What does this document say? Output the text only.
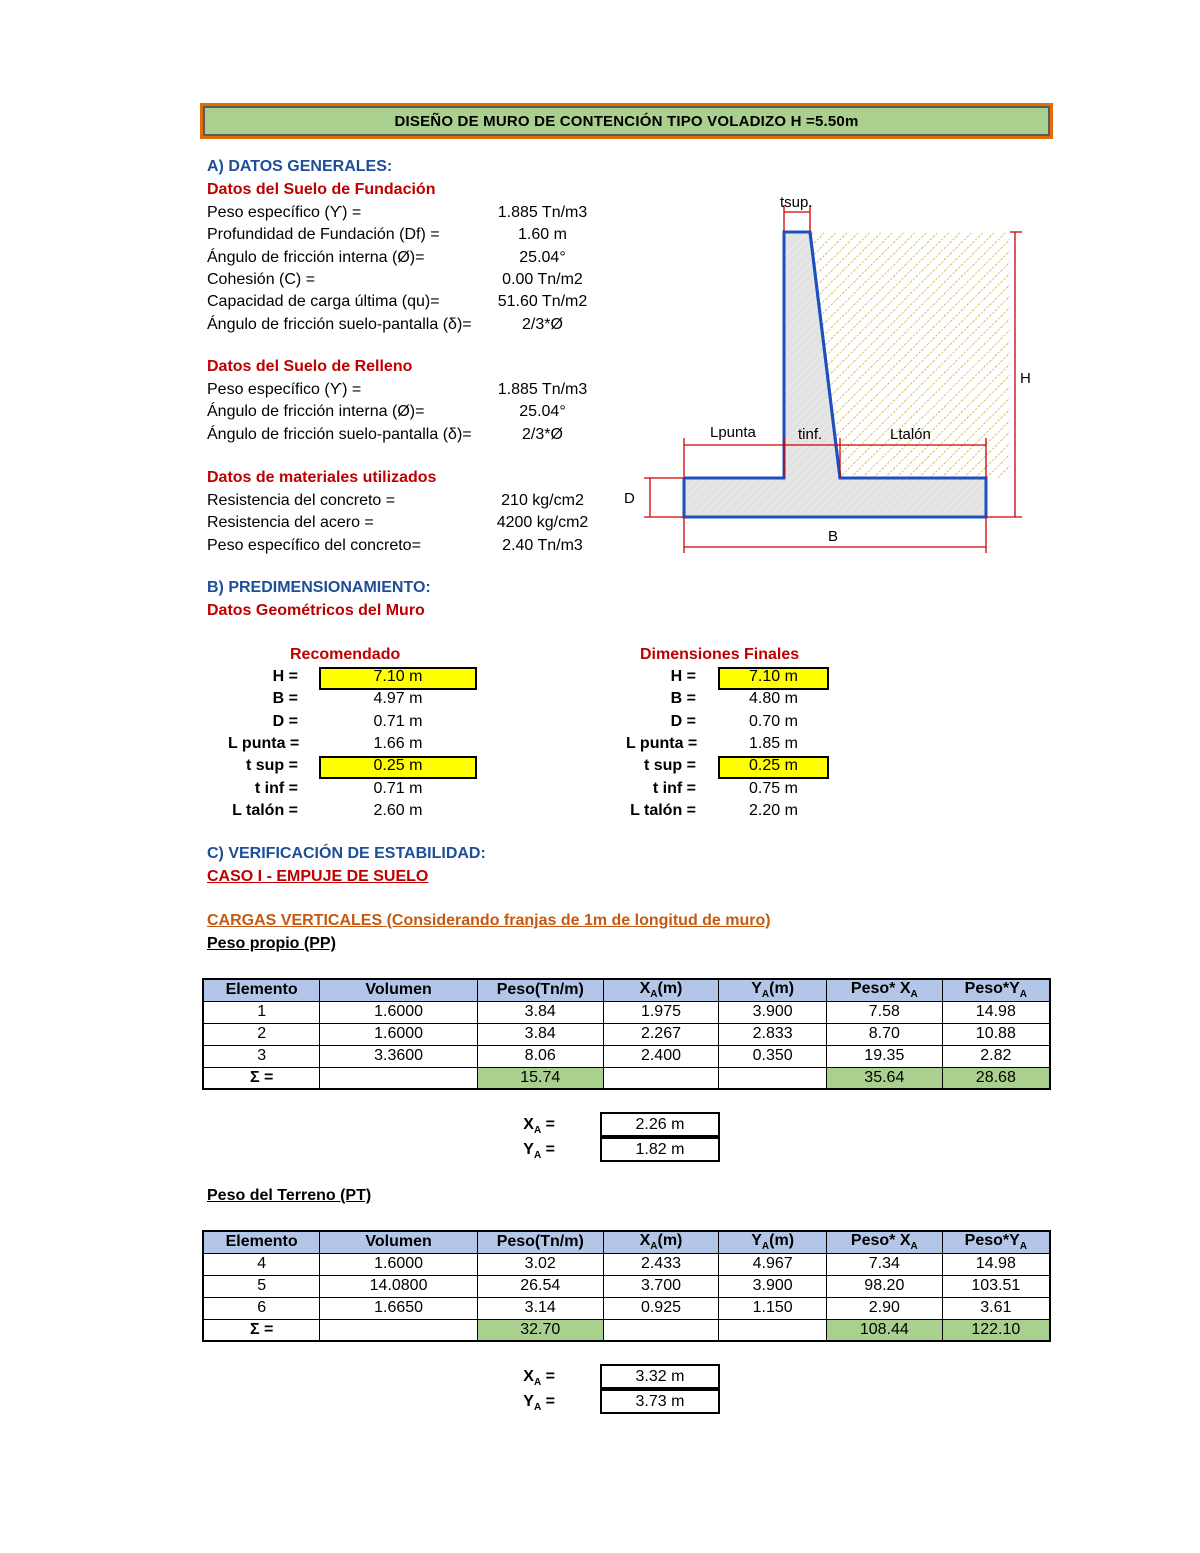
DISEÑO DE MURO DE CONTENCIÓN TIPO VOLADIZO H =5.50m
A) DATOS GENERALES:
Datos del Suelo de Fundación
Peso específico (ϒ) =	1.885 Tn/m3
Profundidad de Fundación (Df) =	1.60 m
Ángulo de fricción interna (Ø)=	25.04°
Cohesión (C) =	0.00 Tn/m2
Capacidad de carga última (qu)=	51.60 Tn/m2
Ángulo de fricción suelo-pantalla (δ)=	2/3*Ø
Datos del Suelo de Relleno
Peso específico (ϒ) =	1.885 Tn/m3
Ángulo de fricción interna (Ø)=	25.04°
Ángulo de fricción suelo-pantalla (δ)=	2/3*Ø
Datos de materiales utilizados
Resistencia del concreto =	210 kg/cm2
Resistencia del acero =	4200 kg/cm2
Peso específico del concreto=	2.40 Tn/m3
tsup.
H
Lpunta	tinf.	Ltalón
D
B
B) PREDIMENSIONAMIENTO:
Datos Geométricos del Muro
Recomendado	Dimensiones Finales
H =	7.10 m
B =	4.97 m
D =	0.71 m
L punta =	1.66 m
t sup =	0.25 m
t inf =	0.71 m
L talón =	2.60 m
H =	7.10 m
B =	4.80 m
D =	0.70 m
L punta =	1.85 m
t sup =	0.25 m
t inf =	0.75 m
L talón =	2.20 m
C) VERIFICACIÓN DE ESTABILIDAD:
CASO I - EMPUJE DE SUELO
CARGAS VERTICALES (Considerando franjas de 1m de longitud de muro)
Peso propio (PP)
Elemento	Volumen	Peso(Tn/m)	$X_A(m)$	$Y_A(m)$	Peso* $X_A$	$Peso*Y_A$
1	1.6000	3.84	1.975	3.900	7.58	14.98
2	1.6000	3.84	2.267	2.833	8.70	10.88
3	3.3600	8.06	2.400	0.350	19.35	2.82
Σ =		15.74			35.64	28.68
$X_A$ =	2.26 m
$Y_A$ =	1.82 m
Peso del Terreno (PT)
Elemento	Volumen	Peso(Tn/m)	$X_A(m)$	$Y_A(m)$	Peso* $X_A$	$Peso*Y_A$
4	1.6000	3.02	2.433	4.967	7.34	14.98
5	14.0800	26.54	3.700	3.900	98.20	103.51
6	1.6650	3.14	0.925	1.150	2.90	3.61
Σ =		32.70			108.44	122.10
$X_A$ =	3.32 m
$Y_A$ =	3.73 m
